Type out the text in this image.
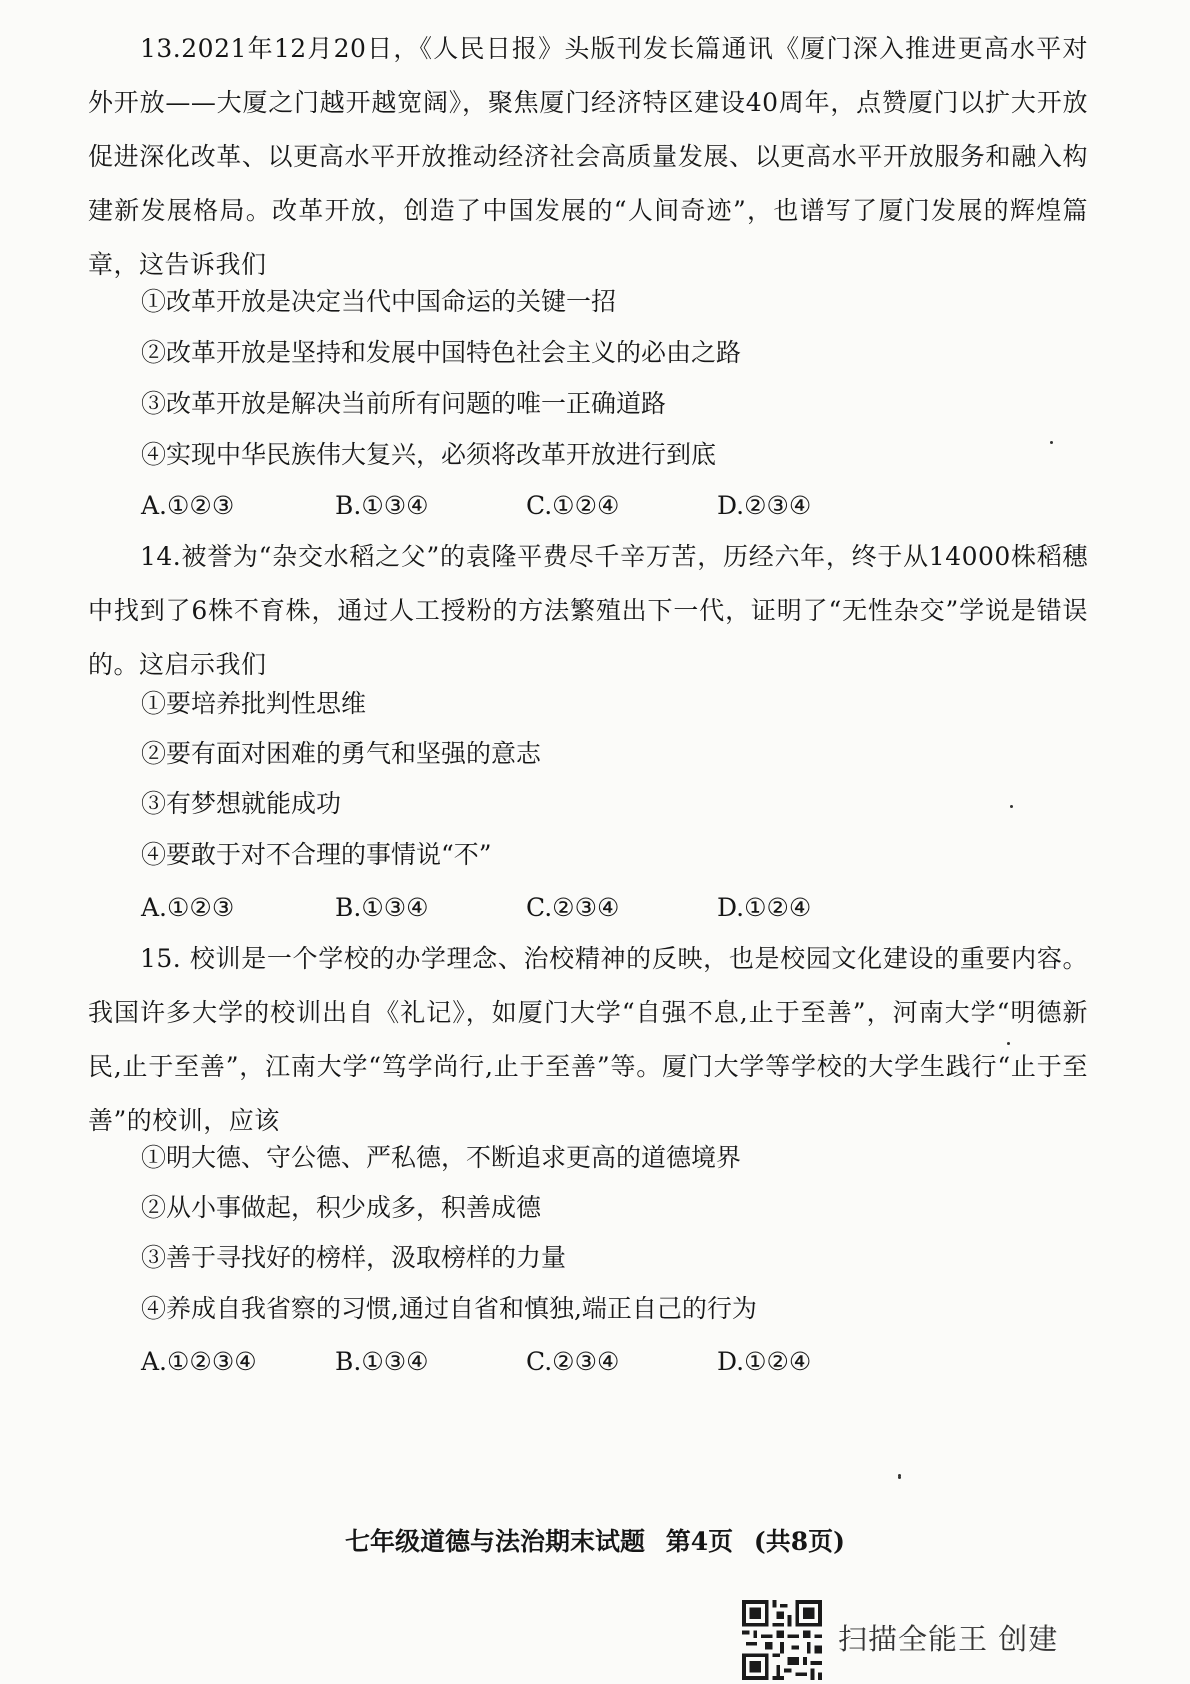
13.2021年12月20日，《人民日报》头版刊发长篇通讯《厦门深入推进更高水平对外开放——大厦之门越开越宽阔》，聚焦厦门经济特区建设40周年，点赞厦门以扩大开放促进深化改革、以更高水平开放推动经济社会高质量发展、以更高水平开放服务和融入构建新发展格局。改革开放，创造了中国发展的“人间奇迹”，也谱写了厦门发展的辉煌篇章，这告诉我们

①改革开放是决定当代中国命运的关键一招

②改革开放是坚持和发展中国特色社会主义的必由之路

③改革开放是解决当前所有问题的唯一正确道路

④实现中华民族伟大复兴，必须将改革开放进行到底

A.①②③	B.①③④	C.①②④	D.②③④

14.被誉为“杂交水稻之父”的袁隆平费尽千辛万苦，历经六年，终于从14000株稻穗中找到了6株不育株，通过人工授粉的方法繁殖出下一代，证明了“无性杂交”学说是错误的。这启示我们

①要培养批判性思维

②要有面对困难的勇气和坚强的意志

③有梦想就能成功

④要敢于对不合理的事情说“不”

A.①②③	B.①③④	C.②③④	D.①②④

15. 校训是一个学校的办学理念、治校精神的反映，也是校园文化建设的重要内容。我国许多大学的校训出自《礼记》，如厦门大学“自强不息,止于至善”，河南大学“明德新民,止于至善”，江南大学“笃学尚行,止于至善”等。厦门大学等学校的大学生践行“止于至善”的校训，应该

①明大德、守公德、严私德，不断追求更高的道德境界

②从小事做起，积少成多，积善成德

③善于寻找好的榜样，汲取榜样的力量

④养成自我省察的习惯,通过自省和慎独,端正自己的行为

A.①②③④	B.①③④	C.②③④	D.①②④
七年级道德与法治期末试题 第4页 (共8页)
扫描全能王 创建
